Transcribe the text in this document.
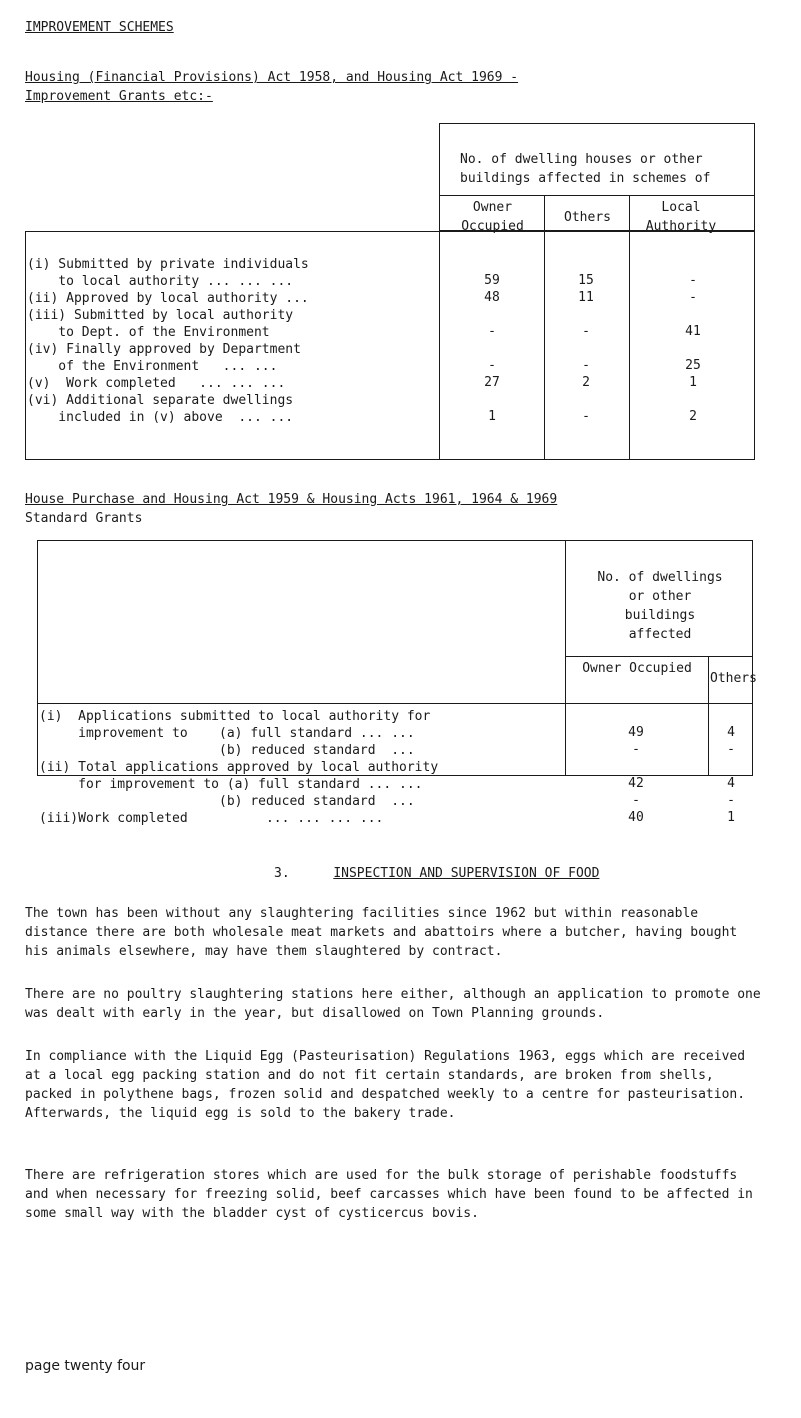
IMPROVEMENT SCHEMES
Housing (Financial Provisions) Act 1958, and Housing Act 1969 -
Improvement Grants etc:-
No. of dwelling houses or other buildings affected in schemes of
Owner Occupied
Others
Local Authority
(i) Submitted by private individuals
to local authority ... ... ...	59	15	-
(ii) Approved by local authority ...	48	11	-
(iii) Submitted by local authority
to Dept. of the Environment	-	-	41
(iv) Finally approved by Department
of the Environment   ... ...	-	-	25
(v)  Work completed   ... ... ...	27	2	1
(vi) Additional separate dwellings
included in (v) above  ... ...	1	-	2
House Purchase and Housing Act 1959 & Housing Acts 1961, 1964 & 1969
Standard Grants
No. of dwellings or other buildings affected
Owner Occupied
Others
(i)  Applications submitted to local authority for
improvement to    (a) full standard ... ...	49	4
(b) reduced standard  ...	-	-
(ii) Total applications approved by local authority
for improvement to (a) full standard ... ...	42	4
(b) reduced standard  ...	-	-
(iii)Work completed          ... ... ... ...	40	1
3.	INSPECTION AND SUPERVISION OF FOOD
The town has been without any slaughtering facilities since 1962 but within reasonable distance there are both wholesale meat markets and abattoirs where a butcher, having bought his animals elsewhere, may have them slaughtered by contract.
There are no poultry slaughtering stations here either, although an application to promote one was dealt with early in the year, but disallowed on Town Planning grounds.
In compliance with the Liquid Egg (Pasteurisation) Regulations 1963, eggs which are received at a local egg packing station and do not fit certain standards, are broken from shells, packed in polythene bags, frozen solid and despatched weekly to a centre for pasteurisation. Afterwards, the liquid egg is sold to the bakery trade.
There are refrigeration stores which are used for the bulk storage of perishable foodstuffs and when necessary for freezing solid, beef carcasses which have been found to be affected in some small way with the bladder cyst of cysticercus bovis.
page twenty four
